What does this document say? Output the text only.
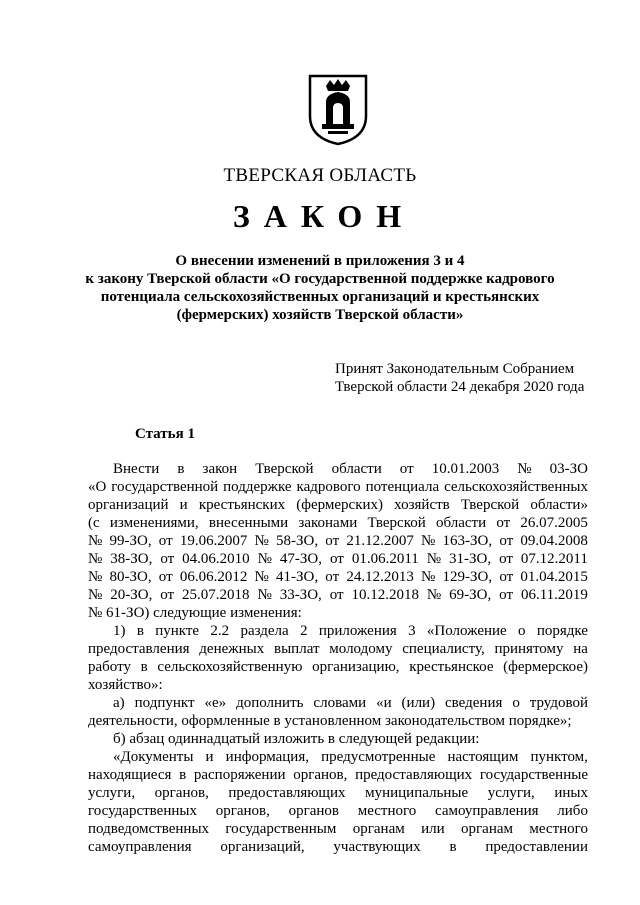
ТВЕРСКАЯ ОБЛАСТЬ
ЗАКОН
О внесении изменений в приложения 3 и 4
к закону Тверской области «О государственной поддержке кадрового
потенциала сельскохозяйственных организаций и крестьянских
(фермерских) хозяйств Тверской области»
Принят Законодательным Собранием
Тверской области 24 декабря 2020 года
Статья 1
Внести в закон Тверской области от 10.01.2003 № 03-ЗО
«О государственной поддержке кадрового потенциала сельскохозяйственных
организаций и крестьянских (фермерских) хозяйств Тверской области»
(с изменениями, внесенными законами Тверской области от 26.07.2005
№ 99-ЗО, от 19.06.2007 № 58-ЗО, от 21.12.2007 № 163-ЗО, от 09.04.2008
№ 38-ЗО, от 04.06.2010 № 47-ЗО, от 01.06.2011 № 31-ЗО, от 07.12.2011
№ 80-ЗО, от 06.06.2012 № 41-ЗО, от 24.12.2013 № 129-ЗО, от 01.04.2015
№ 20-ЗО, от 25.07.2018 № 33-ЗО, от 10.12.2018 № 69-ЗО, от 06.11.2019
№ 61-ЗО) следующие изменения:
1) в пункте 2.2 раздела 2 приложения 3 «Положение о порядке
предоставления денежных выплат молодому специалисту, принятому на
работу в сельскохозяйственную организацию, крестьянское (фермерское)
хозяйство»:
а) подпункт «е» дополнить словами «и (или) сведения о трудовой
деятельности, оформленные в установленном законодательством порядке»;
б) абзац одиннадцатый изложить в следующей редакции:
«Документы и информация, предусмотренные настоящим пунктом,
находящиеся в распоряжении органов, предоставляющих государственные
услуги, органов, предоставляющих муниципальные услуги, иных
государственных органов, органов местного самоуправления либо
подведомственных государственным органам или органам местного
самоуправления организаций, участвующих в предоставлении
